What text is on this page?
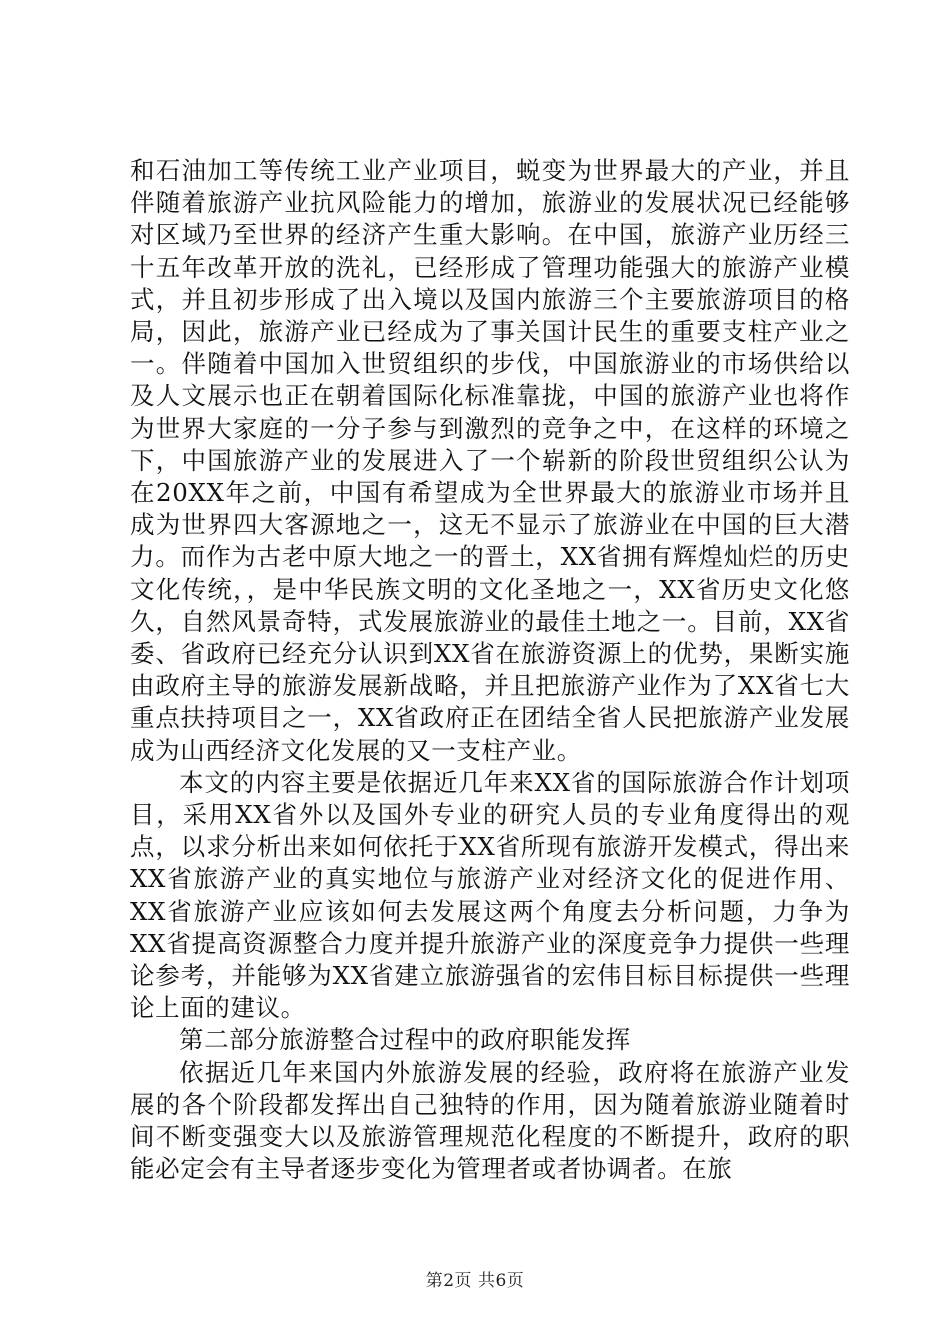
和石油加工等传统工业产业项目，蜕变为世界最大的产业，并且伴随着旅游产业抗风险能力的增加，旅游业的发展状况已经能够对区域乃至世界的经济产生重大影响。在中国，旅游产业历经三十五年改革开放的洗礼，已经形成了管理功能强大的旅游产业模式，并且初步形成了出入境以及国内旅游三个主要旅游项目的格局，因此，旅游产业已经成为了事关国计民生的重要支柱产业之一。伴随着中国加入世贸组织的步伐，中国旅游业的市场供给以及人文展示也正在朝着国际化标准靠拢，中国的旅游产业也将作为世界大家庭的一分子参与到激烈的竞争之中，在这样的环境之下，中国旅游产业的发展进入了一个崭新的阶段世贸组织公认为在20XX年之前，中国有希望成为全世界最大的旅游业市场并且成为世界四大客源地之一，这无不显示了旅游业在中国的巨大潜力。而作为古老中原大地之一的晋土，XX省拥有辉煌灿烂的历史文化传统，，是中华民族文明的文化圣地之一，XX省历史文化悠久，自然风景奇特，式发展旅游业的最佳土地之一。目前，XX省委、省政府已经充分认识到XX省在旅游资源上的优势，果断实施由政府主导的旅游发展新战略，并且把旅游产业作为了XX省七大重点扶持项目之一，XX省政府正在团结全省人民把旅游产业发展成为山西经济文化发展的又一支柱产业。

本文的内容主要是依据近几年来XX省的国际旅游合作计划项目，采用XX省外以及国外专业的研究人员的专业角度得出的观点，以求分析出来如何依托于XX省所现有旅游开发模式，得出来XX省旅游产业的真实地位与旅游产业对经济文化的促进作用、XX省旅游产业应该如何去发展这两个角度去分析问题，力争为XX省提高资源整合力度并提升旅游产业的深度竞争力提供一些理论参考，并能够为XX省建立旅游强省的宏伟目标目标提供一些理论上面的建议。

第二部分旅游整合过程中的政府职能发挥

依据近几年来国内外旅游发展的经验，政府将在旅游产业发展的各个阶段都发挥出自己独特的作用，因为随着旅游业随着时间不断变强变大以及旅游管理规范化程度的不断提升，政府的职能必定会有主导者逐步变化为管理者或者协调者。在旅

第2页 共6页
